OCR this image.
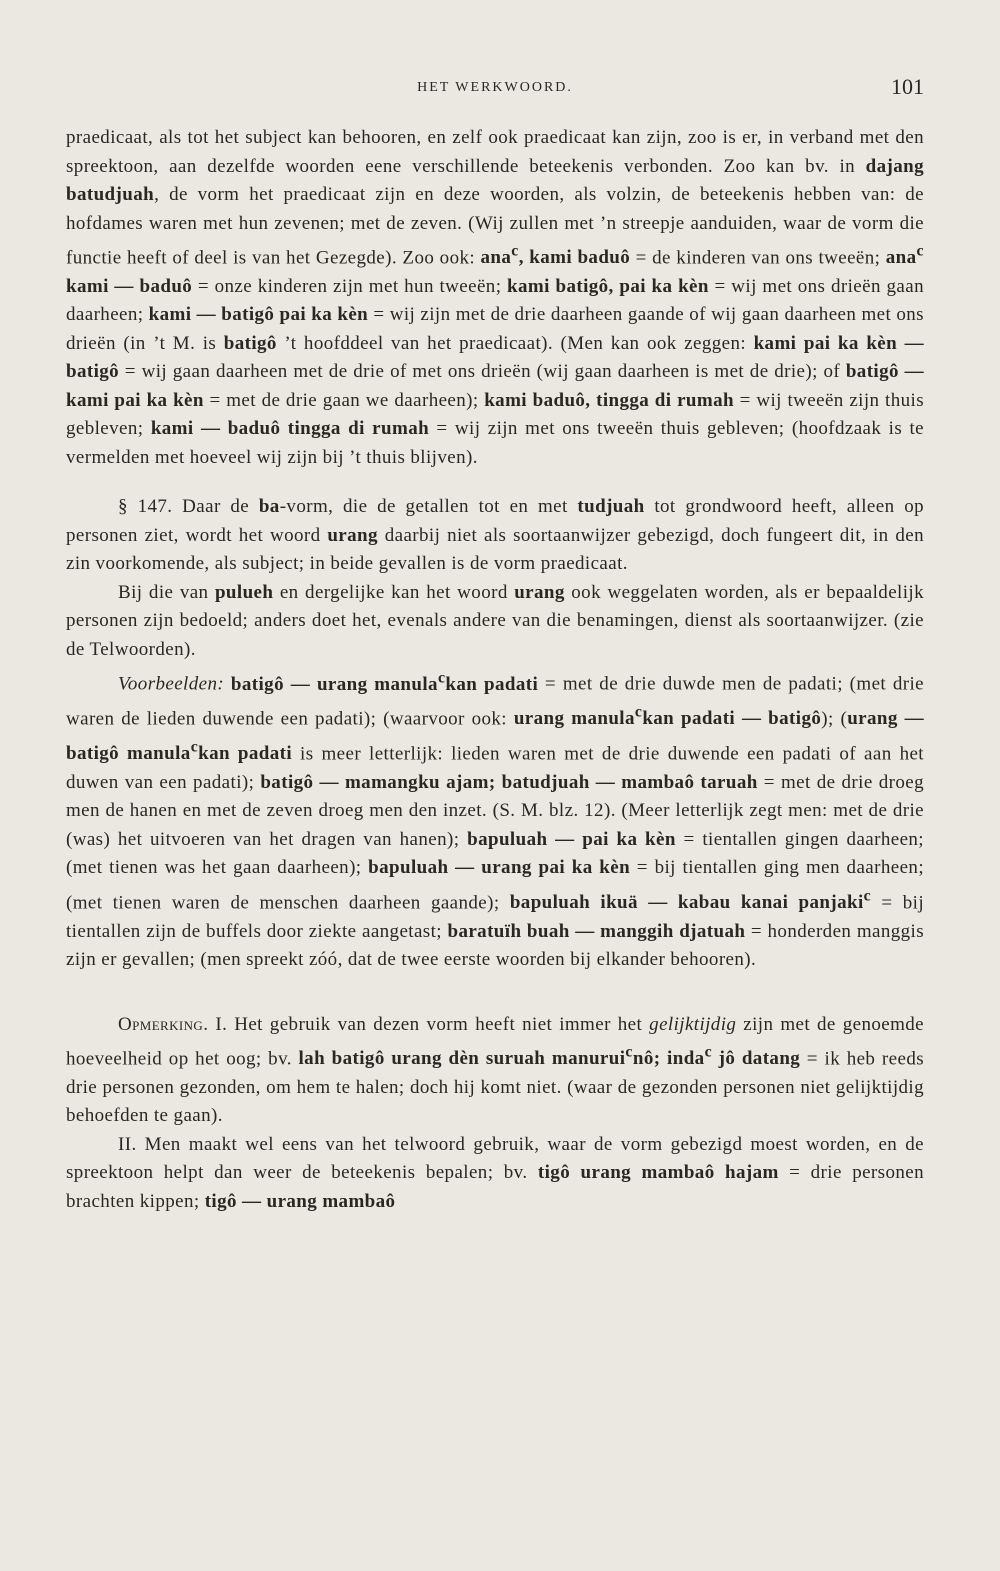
HET WERKWOORD.	101

praedicaat, als tot het subject kan behooren, en zelf ook praedicaat kan zijn, zoo is er, in verband met den spreektoon, aan dezelfde woorden eene verschillende beteekenis verbonden. Zoo kan bv. in dajang batudjuah, de vorm het praedicaat zijn en deze woorden, als volzin, de beteekenis hebben van: de hofdames waren met hun zevenen; met de zeven. (Wij zullen met ’n streepje aanduiden, waar de vorm die functie heeft of deel is van het Gezegde). Zoo ook: ana$^c$, kami baduô = de kinderen van ons tweeën; ana$^c$ kami — baduô = onze kinderen zijn met hun tweeën; kami batigô, pai ka kèn = wij met ons drieën gaan daarheen; kami — batigô pai ka kèn = wij zijn met de drie daarheen gaande of wij gaan daarheen met ons drieën (in ’t M. is batigô ’t hoofddeel van het praedicaat). (Men kan ook zeggen: kami pai ka kèn — batigô = wij gaan daarheen met de drie of met ons drieën (wij gaan daarheen is met de drie); of batigô — kami pai ka kèn = met de drie gaan we daarheen); kami baduô, tingga di rumah = wij tweeën zijn thuis gebleven; kami — baduô tingga di rumah = wij zijn met ons tweeën thuis gebleven; (hoofdzaak is te vermelden met hoeveel wij zijn bij ’t thuis blijven).

§ 147. Daar de ba-vorm, die de getallen tot en met tudjuah tot grondwoord heeft, alleen op personen ziet, wordt het woord urang daarbij niet als soortaanwijzer gebezigd, doch fungeert dit, in den zin voorkomende, als subject; in beide gevallen is de vorm praedicaat.

Bij die van pulueh en dergelijke kan het woord urang ook weggelaten worden, als er bepaaldelijk personen zijn bedoeld; anders doet het, evenals andere van die benamingen, dienst als soortaanwijzer. (zie de Telwoorden).

Voorbeelden: batigô — urang manula$^c$kan padati = met de drie duwde men de padati; (met drie waren de lieden duwende een padati); (waarvoor ook: urang manula$^c$kan padati — batigô); (urang — batigô manula$^c$kan padati is meer letterlijk: lieden waren met de drie duwende een padati of aan het duwen van een padati); batigô — mamangku ajam; batudjuah — mambaô taruah = met de drie droeg men de hanen en met de zeven droeg men den inzet. (S. M. blz. 12). (Meer letterlijk zegt men: met de drie (was) het uitvoeren van het dragen van hanen); bapuluah — pai ka kèn = tientallen gingen daarheen; (met tienen was het gaan daarheen); bapuluah — urang pai ka kèn = bij tientallen ging men daarheen; (met tienen waren de menschen daarheen gaande); bapuluah ikuä — kabau kanai panjaki$^c$ = bij tientallen zijn de buffels door ziekte aangetast; baratuïh buah — manggih djatuah = honderden manggis zijn er gevallen; (men spreekt zóó, dat de twee eerste woorden bij elkander behooren).

Opmerking. I. Het gebruik van dezen vorm heeft niet immer het gelijktijdig zijn met de genoemde hoeveelheid op het oog; bv. lah batigô urang dèn suruah manurui$^c$nô; inda$^c$ jô datang = ik heb reeds drie personen gezonden, om hem te halen; doch hij komt niet. (waar de gezonden personen niet gelijktijdig behoefden te gaan).

II. Men maakt wel eens van het telwoord gebruik, waar de vorm gebezigd moest worden, en de spreektoon helpt dan weer de beteekenis bepalen; bv. tigô urang mambaô hajam = drie personen brachten kippen; tigô — urang mambaô
